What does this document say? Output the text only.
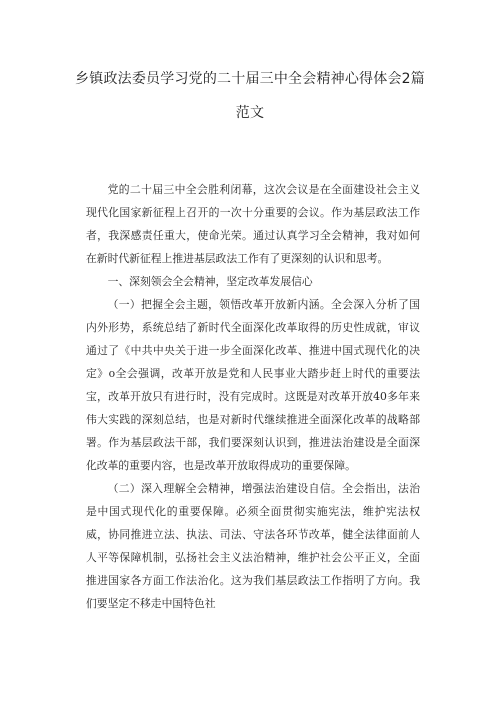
乡镇政法委员学习党的二十届三中全会精神心得体会2篇
范文

党的二十届三中全会胜利闭幕，这次会议是在全面建设社会主义现代化国家新征程上召开的一次十分重要的会议。作为基层政法工作者，我深感责任重大，使命光荣。通过认真学习全会精神，我对如何在新时代新征程上推进基层政法工作有了更深刻的认识和思考。

一、深刻领会全会精神，坚定改革发展信心

（一）把握全会主题，领悟改革开放新内涵。全会深入分析了国内外形势，系统总结了新时代全面深化改革取得的历史性成就，审议通过了《中共中央关于进一步全面深化改革、推进中国式现代化的决定》o全会强调，改革开放是党和人民事业大踏步赶上时代的重要法宝，改革开放只有进行时，没有完成时。这既是对改革开放40多年来伟大实践的深刻总结，也是对新时代继续推进全面深化改革的战略部署。作为基层政法干部，我们要深刻认识到，推进法治建设是全面深化改革的重要内容，也是改革开放取得成功的重要保障。

（二）深入理解全会精神，增强法治建设自信。全会指出，法治是中国式现代化的重要保障。必须全面贯彻实施宪法，维护宪法权威，协同推进立法、执法、司法、守法各环节改革，健全法律面前人人平等保障机制，弘扬社会主义法治精神，维护社会公平正义，全面推进国家各方面工作法治化。这为我们基层政法工作指明了方向。我们要坚定不移走中国特色社
